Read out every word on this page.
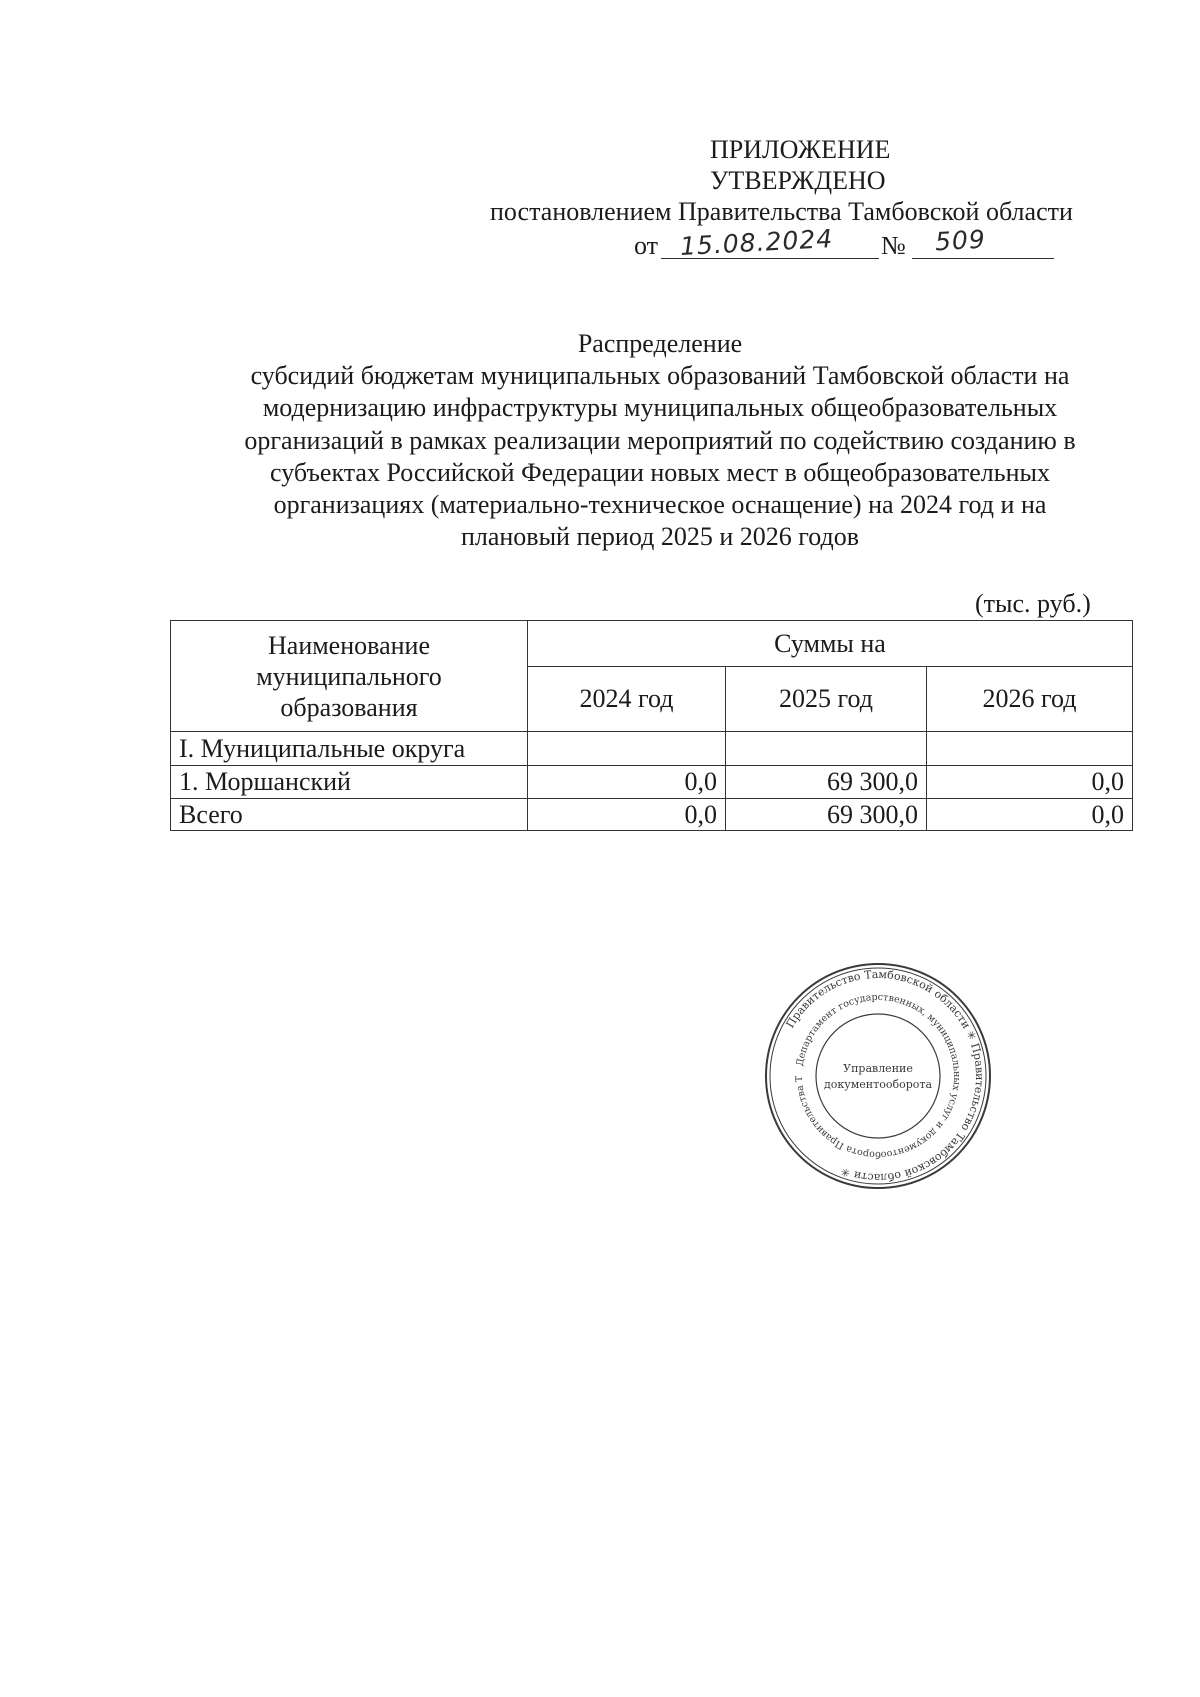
ПРИЛОЖЕНИЕ
УТВЕРЖДЕНО
постановлением Правительства Тамбовской области
от 15.08.2024 № 509
Распределение
субсидий бюджетам муниципальных образований Тамбовской области на
модернизацию инфраструктуры муниципальных общеобразовательных
организаций в рамках реализации мероприятий по содействию созданию в
субъектах Российской Федерации новых мест в общеобразовательных
организациях (материально-техническое оснащение) на 2024 год и на
плановый период 2025 и 2026 годов
(тыс. руб.)
Наименование
муниципального
образования	Суммы на		
	2024 год	2025 год	2026 год
I. Муниципальные округа			
1. Моршанский	0,0	69 300,0	0,0
Всего	0,0	69 300,0	0,0
Правительство Тамбовской области ✳ Правительство Тамбовской области ✳
Департамент государственных, муниципальных услуг и документооборота Правительства Т
Управление
документооборота
